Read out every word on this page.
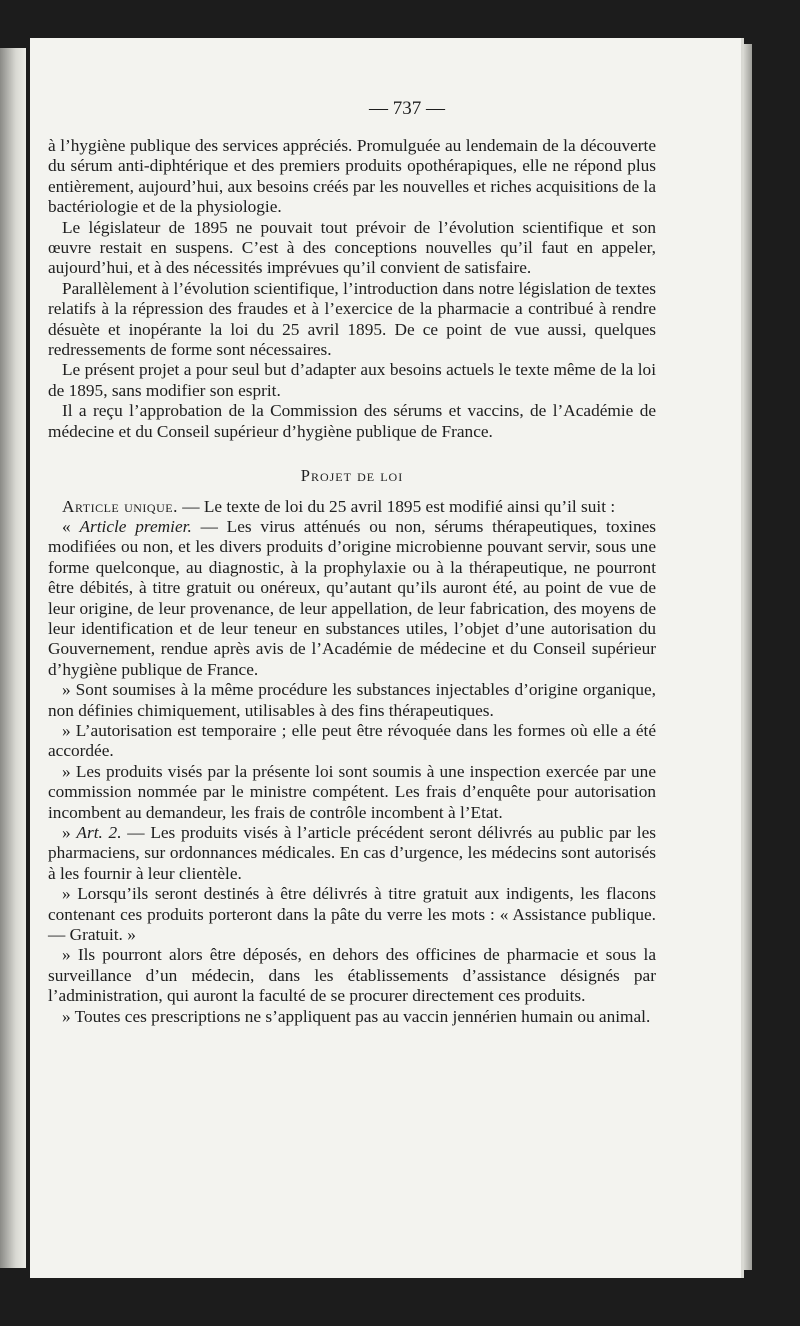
— 737 —

à l’hygiène publique des services appréciés. Promulguée au lendemain de la découverte du sérum anti-diphtérique et des premiers produits opothérapiques, elle ne répond plus entièrement, aujourd’hui, aux besoins créés par les nouvelles et riches acquisitions de la bactériologie et de la physiologie.

Le législateur de 1895 ne pouvait tout prévoir de l’évolution scientifique et son œuvre restait en suspens. C’est à des conceptions nouvelles qu’il faut en appeler, aujourd’hui, et à des nécessités imprévues qu’il convient de satisfaire.

Parallèlement à l’évolution scientifique, l’introduction dans notre législation de textes relatifs à la répression des fraudes et à l’exercice de la pharmacie a contribué à rendre désuète et inopérante la loi du 25 avril 1895. De ce point de vue aussi, quelques redressements de forme sont nécessaires.

Le présent projet a pour seul but d’adapter aux besoins actuels le texte même de la loi de 1895, sans modifier son esprit.

Il a reçu l’approbation de la Commission des sérums et vaccins, de l’Académie de médecine et du Conseil supérieur d’hygiène publique de France.

Projet de loi

Article unique. — Le texte de loi du 25 avril 1895 est modifié ainsi qu’il suit :

« Article premier. — Les virus atténués ou non, sérums thérapeutiques, toxines modifiées ou non, et les divers produits d’origine microbienne pouvant servir, sous une forme quelconque, au diagnostic, à la prophylaxie ou à la thérapeutique, ne pourront être débités, à titre gratuit ou onéreux, qu’autant qu’ils auront été, au point de vue de leur origine, de leur provenance, de leur appellation, de leur fabrication, des moyens de leur identification et de leur teneur en substances utiles, l’objet d’une autorisation du Gouvernement, rendue après avis de l’Académie de médecine et du Conseil supérieur d’hygiène publique de France.

» Sont soumises à la même procédure les substances injectables d’origine organique, non définies chimiquement, utilisables à des fins thérapeutiques.

» L’autorisation est temporaire ; elle peut être révoquée dans les formes où elle a été accordée.

» Les produits visés par la présente loi sont soumis à une inspection exercée par une commission nommée par le ministre compétent. Les frais d’enquête pour autorisation incombent au demandeur, les frais de contrôle incombent à l’Etat.

» Art. 2. — Les produits visés à l’article précédent seront délivrés au public par les pharmaciens, sur ordonnances médicales. En cas d’urgence, les médecins sont autorisés à les fournir à leur clientèle.

» Lorsqu’ils seront destinés à être délivrés à titre gratuit aux indigents, les flacons contenant ces produits porteront dans la pâte du verre les mots : « Assistance publique. — Gratuit. »

» Ils pourront alors être déposés, en dehors des officines de pharmacie et sous la surveillance d’un médecin, dans les établissements d’assistance désignés par l’administration, qui auront la faculté de se procurer directement ces produits.

» Toutes ces prescriptions ne s’appliquent pas au vaccin jennérien humain ou animal.
